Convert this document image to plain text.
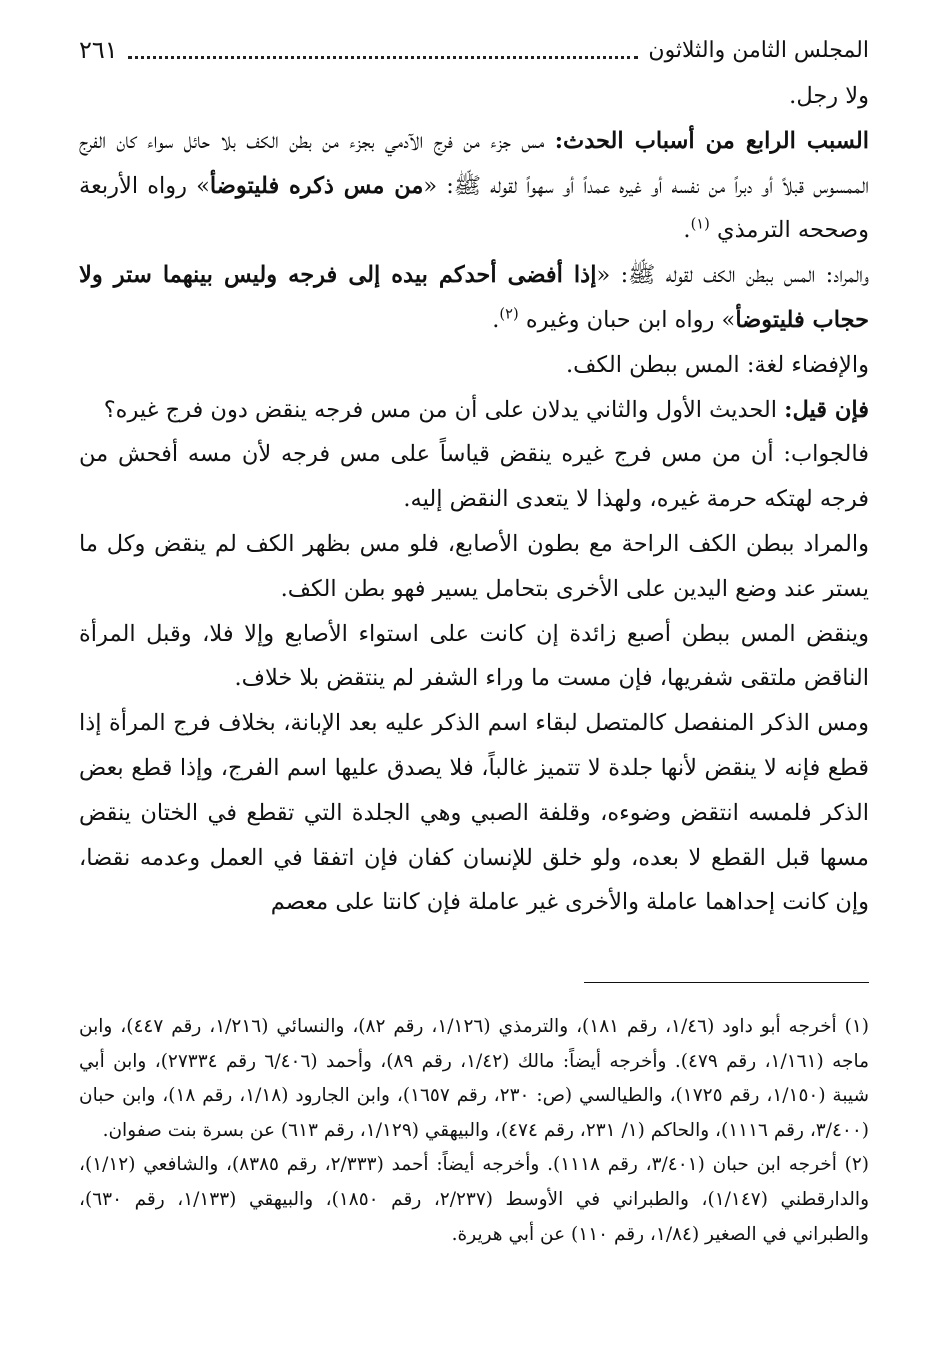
المجلس الثامن والثلاثون
٢٦١

ولا رجل.

السبب الرابع من أسباب الحدث: مس جزء من فرج الآدمي بجزء من بطن الكف بلا حائل سواء كان الفرج الممسوس قبلاً أو دبراً من نفسه أو غيره عمداً أو سهواً لقوله ﷺ: «من مس ذكره فليتوضأ» رواه الأربعة وصححه الترمذي $^{(١)}$.

والمراد: المس ببطن الكف لقوله ﷺ: «إذا أفضى أحدكم بيده إلى فرجه وليس بينهما ستر ولا حجاب فليتوضأ» رواه ابن حبان وغيره $^{(٢)}$.

والإفضاء لغة: المس ببطن الكف.

فإن قيل: الحديث الأول والثاني يدلان على أن من مس فرجه ينقض دون فرج غيره؟

فالجواب: أن من مس فرج غيره ينقض قياساً على مس فرجه لأن مسه أفحش من فرجه لهتكه حرمة غيره، ولهذا لا يتعدى النقض إليه.

والمراد ببطن الكف الراحة مع بطون الأصابع، فلو مس بظهر الكف لم ينقض وكل ما يستر عند وضع اليدين على الأخرى بتحامل يسير فهو بطن الكف.

وينقض المس ببطن أصبع زائدة إن كانت على استواء الأصابع وإلا فلا، وقبل المرأة الناقض ملتقى شفريها، فإن مست ما وراء الشفر لم ينتقض بلا خلاف.

ومس الذكر المنفصل كالمتصل لبقاء اسم الذكر عليه بعد الإبانة، بخلاف فرج المرأة إذا قطع فإنه لا ينقض لأنها جلدة لا تتميز غالباً، فلا يصدق عليها اسم الفرج، وإذا قطع بعض الذكر فلمسه انتقض وضوءه، وقلفة الصبي وهي الجلدة التي تقطع في الختان ينقض مسها قبل القطع لا بعده، ولو خلق للإنسان كفان فإن اتفقا في العمل وعدمه نقضا، وإن كانت إحداهما عاملة والأخرى غير عاملة فإن كانتا على معصم

(١) أخرجه أبو داود (١/٤٦، رقم ١٨١)، والترمذي (١/١٢٦، رقم ٨٢)، والنسائي (١/٢١٦، رقم ٤٤٧)، وابن ماجه (١/١٦١، رقم ٤٧٩). وأخرجه أيضاً: مالك (١/٤٢، رقم ٨٩)، وأحمد (٦/٤٠٦ رقم ٢٧٣٣٤)، وابن أبي شيبة (١/١٥٠، رقم ١٧٢٥)، والطيالسي (ص: ٢٣٠، رقم ١٦٥٧)، وابن الجارود (١/١٨، رقم ١٨)، وابن حبان (٣/٤٠٠، رقم ١١١٦)، والحاكم (١/ ٢٣١، رقم ٤٧٤)، والبيهقي (١/١٢٩، رقم ٦١٣) عن بسرة بنت صفوان.

(٢) أخرجه ابن حبان (٣/٤٠١، رقم ١١١٨). وأخرجه أيضاً: أحمد (٢/٣٣٣، رقم ٨٣٨٥)، والشافعي (١/١٢)، والدارقطني (١/١٤٧)، والطبراني في الأوسط (٢/٢٣٧، رقم ١٨٥٠)، والبيهقي (١/١٣٣، رقم ٦٣٠)، والطبراني في الصغير (١/٨٤، رقم ١١٠) عن أبي هريرة.
